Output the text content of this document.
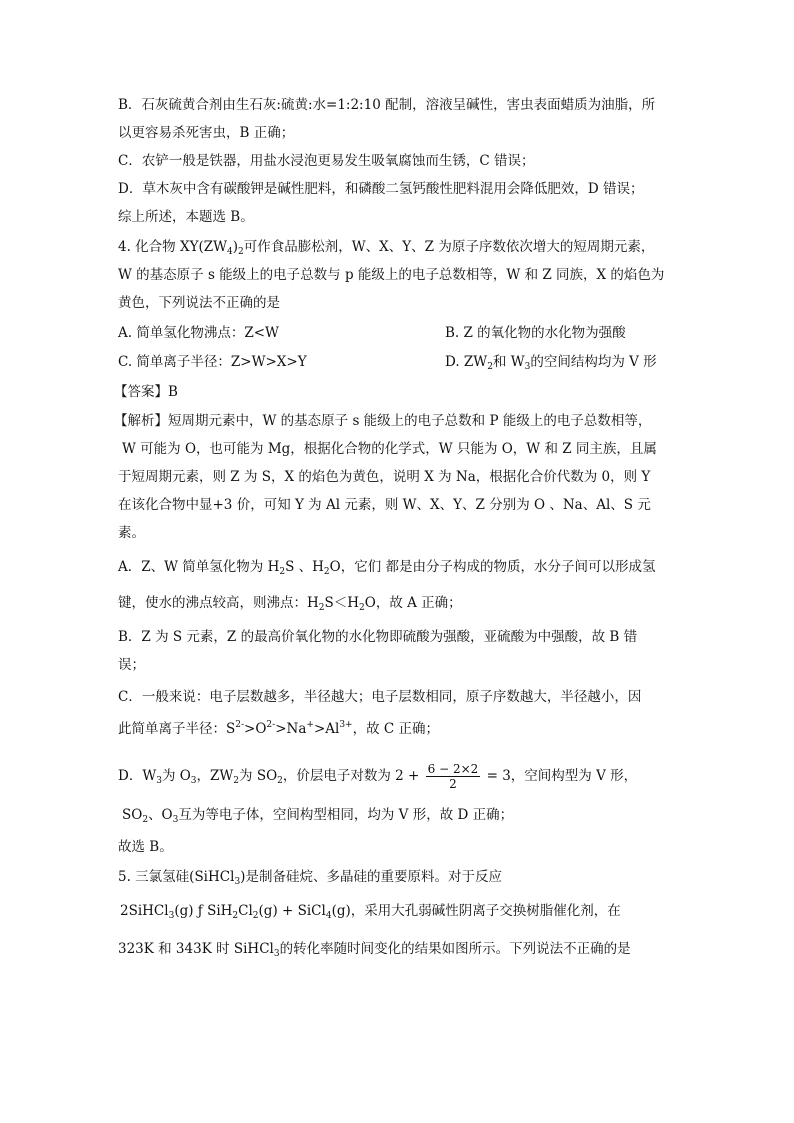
B．石灰硫黄合剂由生石灰:硫黄:水=1:2:10 配制，溶液呈碱性，害虫表面蜡质为油脂，所
以更容易杀死害虫，B 正确；
C．农铲一般是铁器，用盐水浸泡更易发生吸氧腐蚀而生锈，C 错误；
D．草木灰中含有碳酸钾是碱性肥料，和磷酸二氢钙酸性肥料混用会降低肥效，D 错误；
综上所述，本题选 B。
4. 化合物 $XY(ZW_4)_2$可作食品膨松剂，W、X、Y、Z 为原子序数依次增大的短周期元素，
W 的基态原子 s 能级上的电子总数与 p 能级上的电子总数相等，W 和 Z 同族，X 的焰色为
黄色，下列说法不正确的是
A. 简单氢化物沸点：Z<W	B. Z 的氧化物的水化物为强酸
C. 简单离子半径：Z>W>X>Y	D. $ZW_2$和 $W_3$的空间结构均为 V 形
【答案】B
【解析】短周期元素中，W 的基态原子 s 能级上的电子总数和 P 能级上的电子总数相等，
W 可能为 O，也可能为 Mg，根据化合物的化学式，W 只能为 O，W 和 Z 同主族，且属
于短周期元素，则 Z 为 S，X 的焰色为黄色，说明 X 为 Na，根据化合价代数为 0，则 Y
在该化合物中显+3 价，可知 Y 为 Al 元素，则 W、X、Y、Z 分别为 O 、Na、Al、S 元
素。
A．Z、W 简单氢化物为 $H_2S$ 、$H_2O$，它们 都是由分子构成的物质，水分子间可以形成氢
键，使水的沸点较高，则沸点：$H_2S<H_2O$，故 A 正确；
B．Z 为 S 元素，Z 的最高价氧化物的水化物即硫酸为强酸，亚硫酸为中强酸，故 B 错
误；
C．一般来说：电子层数越多，半径越大；电子层数相同，原子序数越大，半径越小，因
此简单离子半径：$S^{2-}>O^{2-}>Na^+>Al^{3+}$，故 C 正确；
D．$W_3$为 $O_3$，$ZW_2$为 $SO_2$，价层电子对数为 $2 + \frac{6 - 2\times 2}{2} = 3$，空间构型为 V 形，
$SO_2$、$O_3$互为等电子体，空间构型相同，均为 V 形，故 D 正确；
故选 B。
5. 三氯氢硅(SiHCl$_3$)是制备硅烷、多晶硅的重要原料。对于反应
2SiHCl$_3$(g) ƒ $SiH_2Cl_2(g)$ + SiCl$_4$(g)，采用大孔弱碱性阴离子交换树脂催化剂，在
323K 和 343K 时 SiHCl$_3$的转化率随时间变化的结果如图所示。下列说法不正确的是
